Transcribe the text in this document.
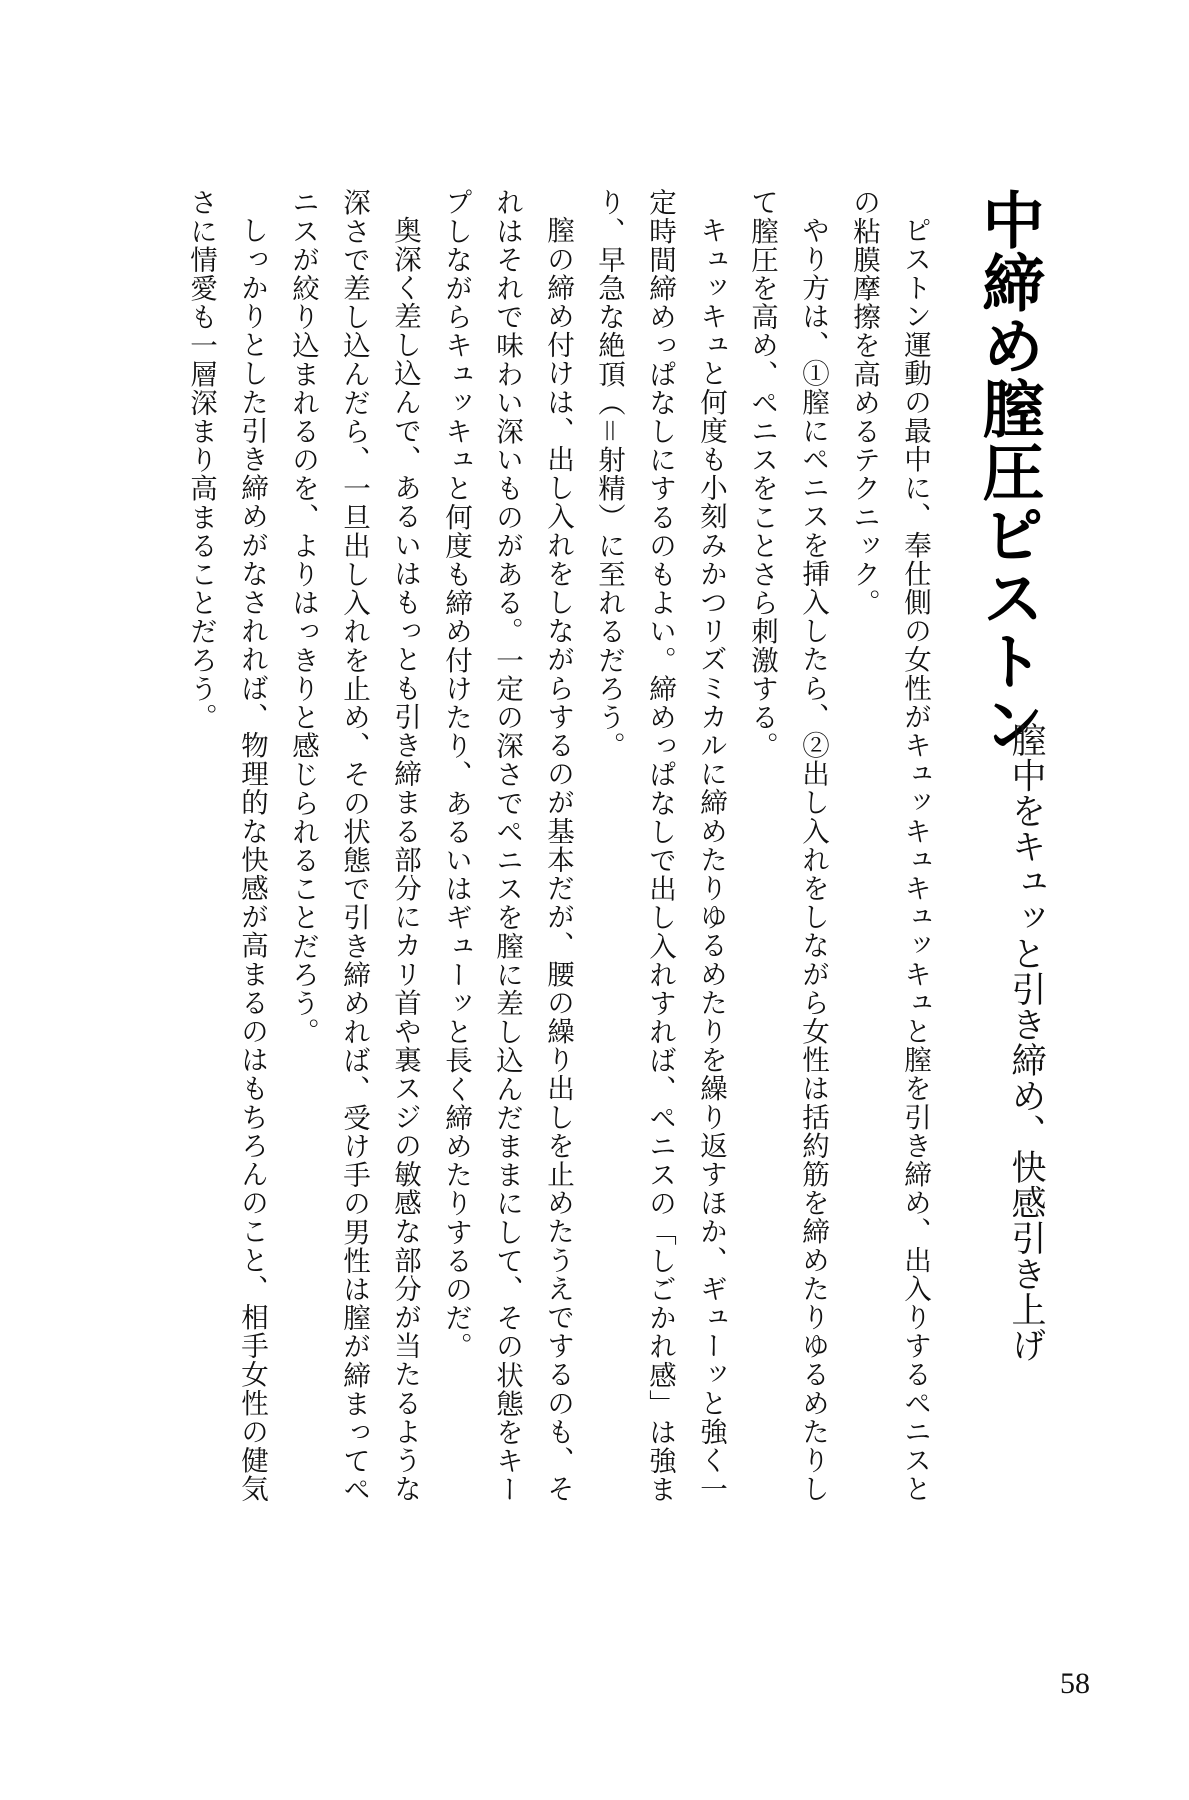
中締め膣圧ピストン
膣中をキュッと引き締め、快感引き上げ

ピストン運動の最中に、奉仕側の女性がキュッキュキュッキュと膣を引き締め、出入りするペニスとの粘膜摩擦を高めるテクニック。

やり方は、①膣にペニスを挿入したら、②出し入れをしながら女性は括約筋を締めたりゆるめたりして膣圧を高め、ペニスをことさら刺激する。

キュッキュと何度も小刻みかつリズミカルに締めたりゆるめたりを繰り返すほか、ギューッと強く一定時間締めっぱなしにするのもよい。締めっぱなしで出し入れすれば、ペニスの「しごかれ感」は強まり、早急な絶頂（＝射精）に至れるだろう。

膣の締め付けは、出し入れをしながらするのが基本だが、腰の繰り出しを止めたうえでするのも、それはそれで味わい深いものがある。一定の深さでペニスを膣に差し込んだままにして、その状態をキープしながらキュッキュと何度も締め付けたり、あるいはギューッと長く締めたりするのだ。

奥深く差し込んで、あるいはもっとも引き締まる部分にカリ首や裏スジの敏感な部分が当たるような深さで差し込んだら、一旦出し入れを止め、その状態で引き締めれば、受け手の男性は膣が締まってペニスが絞り込まれるのを、よりはっきりと感じられることだろう。

しっかりとした引き締めがなされれば、物理的な快感が高まるのはもちろんのこと、相手女性の健気さに情愛も一層深まり高まることだろう。

58
